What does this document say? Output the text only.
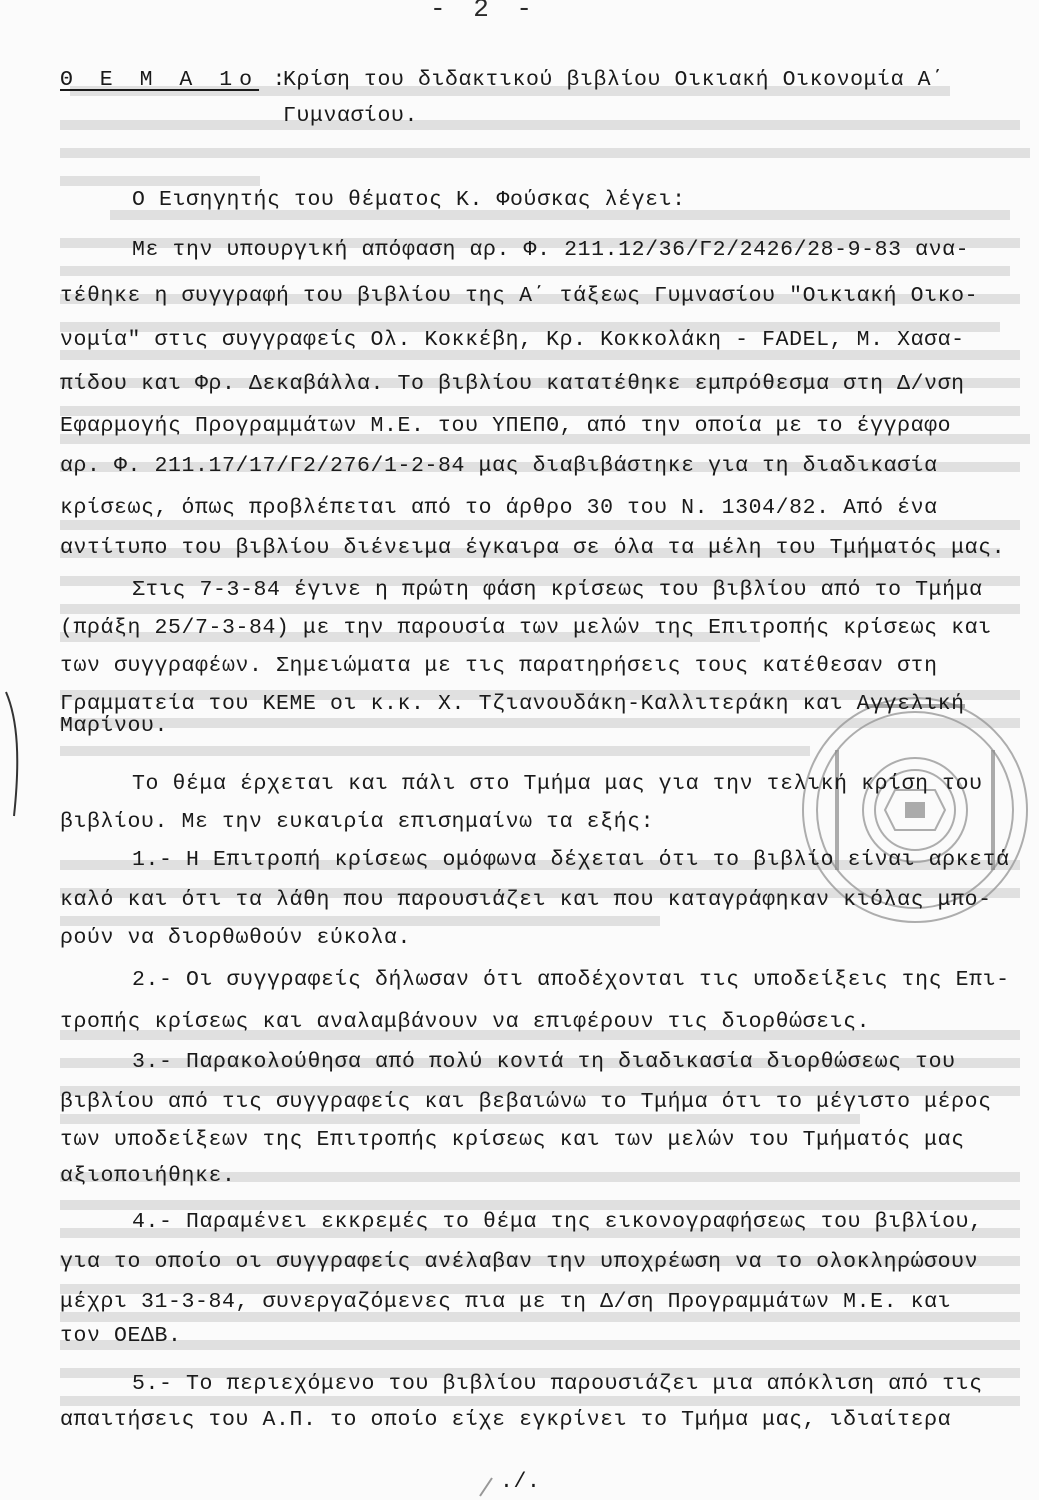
- 2 -
Θ Ε Μ Α 1ο :
Κρίση του διδακτικού βιβλίου Οικιακή Οικονομία Α΄
Γυμνασίου.
Ο Εισηγητής του θέματος Κ. Φούσκας λέγει:
Με την υπουργική απόφαση αρ. Φ. 211.12/36/Γ2/2426/28-9-83 ανα-
τέθηκε η συγγραφή του βιβλίου της Α΄ τάξεως Γυμνασίου "Οικιακή Οικο-
νομία" στις συγγραφείς Ολ. Κοκκέβη, Κρ. Κοκκολάκη - FADEL, Μ. Χασα-
πίδου και Φρ. Δεκαβάλλα. Το βιβλίου κατατέθηκε εμπρόθεσμα στη Δ/νση
Εφαρμογής Προγραμμάτων Μ.Ε. του ΥΠΕΠΘ, από την οποία με το έγγραφο
αρ. Φ. 211.17/17/Γ2/276/1-2-84 μας διαβιβάστηκε για τη διαδικασία
κρίσεως, όπως προβλέπεται από το άρθρο 30 του Ν. 1304/82. Από ένα
αντίτυπο του βιβλίου διένειμα έγκαιρα σε όλα τα μέλη του Τμήματός μας.
Στις 7-3-84 έγινε η πρώτη φάση κρίσεως του βιβλίου από το Τμήμα
(πράξη 25/7-3-84) με την παρουσία των μελών της Επιτροπής κρίσεως και
των συγγραφέων. Σημειώματα με τις παρατηρήσεις τους κατέθεσαν στη
Γραμματεία του ΚΕΜΕ οι κ.κ. Χ. Τζιανουδάκη-Καλλιτεράκη και Αγγελική
Μαρίνου.
Το θέμα έρχεται και πάλι στο Τμήμα μας για την τελική κρίση του
βιβλίου. Με την ευκαιρία επισημαίνω τα εξής:
1.- Η Επιτροπή κρίσεως ομόφωνα δέχεται ότι το βιβλίο είναι αρκετά
καλό και ότι τα λάθη που παρουσιάζει και που καταγράφηκαν κιόλας μπο-
ρούν να διορθωθούν εύκολα.
2.- Οι συγγραφείς δήλωσαν ότι αποδέχονται τις υποδείξεις της Επι-
τροπής κρίσεως και αναλαμβάνουν να επιφέρουν τις διορθώσεις.
3.- Παρακολούθησα από πολύ κοντά τη διαδικασία διορθώσεως του
βιβλίου από τις συγγραφείς και βεβαιώνω το Τμήμα ότι το μέγιστο μέρος
των υποδείξεων της Επιτροπής κρίσεως και των μελών του Τμήματός μας
αξιοποιήθηκε.
4.- Παραμένει εκκρεμές το θέμα της εικονογραφήσεως του βιβλίου,
για το οποίο οι συγγραφείς ανέλαβαν την υποχρέωση να το ολοκληρώσουν
μέχρι 31-3-84, συνεργαζόμενες πια με τη Δ/ση Προγραμμάτων Μ.Ε. και
τον ΟΕΔΒ.
5.- Το περιεχόμενο του βιβλίου παρουσιάζει μια απόκλιση από τις
απαιτήσεις του Α.Π. το οποίο είχε εγκρίνει το Τμήμα μας, ιδιαίτερα
./.
